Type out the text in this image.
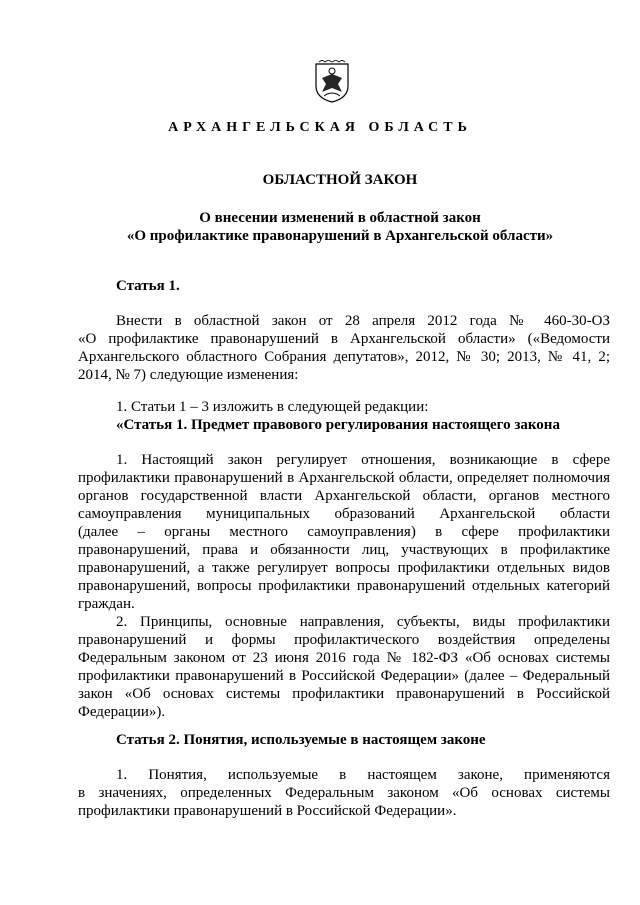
АРХАНГЕЛЬСКАЯ ОБЛАСТЬ
ОБЛАСТНОЙ ЗАКОН
О внесении изменений в областной закон
«О профилактике правонарушений в Архангельской области»
Статья 1.
Внести в областной закон от 28 апреля 2012 года № 460-30-ОЗ
«О профилактике правонарушений в Архангельской области» («Ведомости
Архангельского областного Собрания депутатов», 2012, № 30; 2013, № 41, 2;
2014, № 7) следующие изменения:
1. Статьи 1 – 3 изложить в следующей редакции:
«Статья 1. Предмет правового регулирования настоящего закона
1. Настоящий закон регулирует отношения, возникающие в сфере
профилактики правонарушений в Архангельской области, определяет полномочия
органов государственной власти Архангельской области, органов местного
самоуправления муниципальных образований Архангельской области
(далее – органы местного самоуправления) в сфере профилактики
правонарушений, права и обязанности лиц, участвующих в профилактике
правонарушений, а также регулирует вопросы профилактики отдельных видов
правонарушений, вопросы профилактики правонарушений отдельных категорий
граждан.
2. Принципы, основные направления, субъекты, виды профилактики
правонарушений и формы профилактического воздействия определены
Федеральным законом от 23 июня 2016 года № 182-ФЗ «Об основах системы
профилактики правонарушений в Российской Федерации» (далее – Федеральный
закон «Об основах системы профилактики правонарушений в Российской
Федерации»).
Статья 2. Понятия, используемые в настоящем законе
1. Понятия, используемые в настоящем законе, применяются
в значениях, определенных Федеральным законом «Об основах системы
профилактики правонарушений в Российской Федерации».
